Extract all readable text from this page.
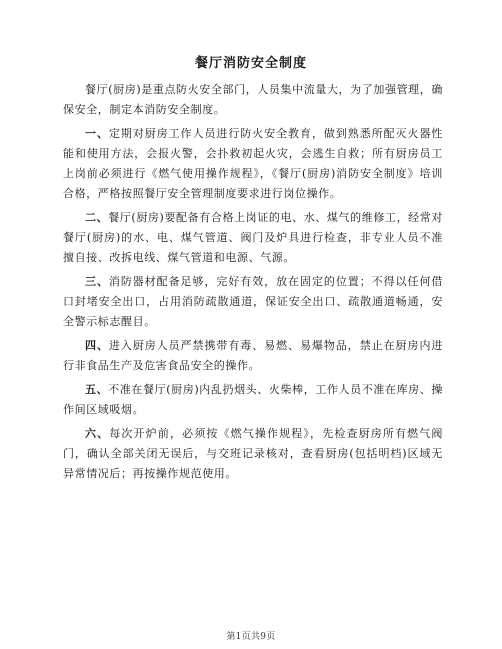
餐厅消防安全制度

餐厅(厨房)是重点防火安全部门，人员集中流量大，为了加强管理，确保安全，制定本消防安全制度。

一、定期对厨房工作人员进行防火安全教育，做到熟悉所配灭火器性能和使用方法，会报火警，会扑救初起火灾，会逃生自救；所有厨房员工上岗前必须进行《燃气使用操作规程》，《餐厅(厨房)消防安全制度》培训合格，严格按照餐厅安全管理制度要求进行岗位操作。

二、餐厅(厨房)要配备有合格上岗证的电、水、煤气的维修工，经常对餐厅(厨房)的水、电、煤气管道、阀门及炉具进行检查，非专业人员不准擅自接、改拆电线、煤气管道和电源、气源。

三、消防器材配备足够，完好有效，放在固定的位置；不得以任何借口封堵安全出口，占用消防疏散通道，保证安全出口、疏散通道畅通，安全警示标志醒目。

四、进入厨房人员严禁携带有毒、易燃、易爆物品，禁止在厨房内进行非食品生产及危害食品安全的操作。

五、不准在餐厅(厨房)内乱扔烟头、火柴棒，工作人员不准在库房、操作间区域吸烟。

六、每次开炉前，必须按《燃气操作规程》，先检查厨房所有燃气阀门，确认全部关闭无误后，与交班记录核对，查看厨房(包括明档)区域无异常情况后；再按操作规范使用。

第1页共9页
